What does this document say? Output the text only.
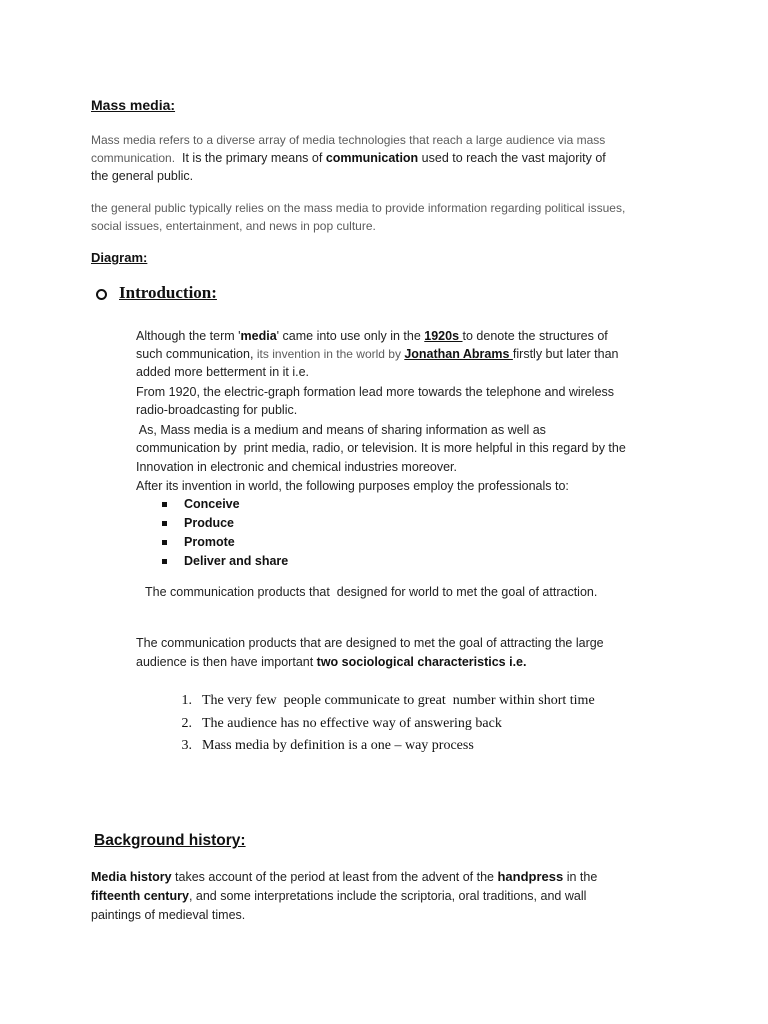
Mass media:
Mass media refers to a diverse array of media technologies that reach a large audience via mass
communication. It is the primary means of communication used to reach the vast majority of
the general public.
the general public typically relies on the mass media to provide information regarding political issues,
social issues, entertainment, and news in pop culture.
Diagram:
Introduction:
Although the term 'media' came into use only in the 1920s to denote the structures of
such communication, its invention in the world by Jonathan Abrams firstly but later than
added more betterment in it i.e.
From 1920, the electric-graph formation lead more towards the telephone and wireless
radio-broadcasting for public.
As, Mass media is a medium and means of sharing information as well as
communication by  print media, radio, or television. It is more helpful in this regard by the
Innovation in electronic and chemical industries moreover.
After its invention in world, the following purposes employ the professionals to:
Conceive
Produce
Promote
Deliver and share
The communication products that  designed for world to met the goal of attraction.
The communication products that are designed to met the goal of attracting the large
audience is then have important two sociological characteristics i.e.
1. The very few  people communicate to great  number within short time
2. The audience has no effective way of answering back
3. Mass media by definition is a one – way process
Background history:
Media history takes account of the period at least from the advent of the handpress in the
fifteenth century, and some interpretations include the scriptoria, oral traditions, and wall
paintings of medieval times.
